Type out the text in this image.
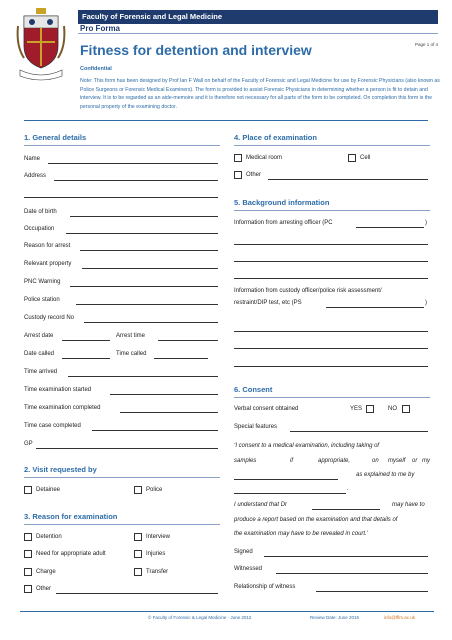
Faculty of Forensic and Legal Medicine
Pro Forma
Fitness for detention and interview	Page 1 of 4
Confidential
Note: This form has been designed by Prof Ian F Wall on behalf of the Faculty of Forensic and Legal Medicine for use by Forensic Physicians (also known as Police Surgeons or Forensic Medical Examiners). The form is provided to assist Forensic Physicians in determining whether a person is fit to detain and interview. It is to be regarded as an aide-memoire and it is therefore not necessary for all parts of the form to be completed. On completion this form is the personal property of the examining doctor.
1. General details
Name
Address
Date of birth
Occupation
Reason for arrest
Relevant property
PNC Warning
Police station
Custody record No
Arrest date	Arrest time
Date called	Time called
Time arrived
Time examination started
Time examination completed
Time case completed
GP
2. Visit requested by
Detainee	Police
3. Reason for examination
Detention	Interview
Need for appropriate adult	Injuries
Charge	Transfer
Other
4. Place of examination
Medical room	Cell
Other
5. Background information
Information from arresting officer (PC	)
Information from custody officer/police risk assessment/
restraint/DIP test, etc (PS	)
6. Consent
Verbal consent obtained	YES	NO
Special features
‘I consent to a medical examination, including taking of
samples	if	appropriate,	on myself or my
as explained to me by
.
I understand that Dr	may have to
produce a report based on the examination and that details of
the examination may have to be revealed in court.’
Signed
Witnessed
Relationship of witness
© Faculty of Forensic & Legal Medicine · June 2012	Review Date: June 2015	info@fflm.ac.uk
